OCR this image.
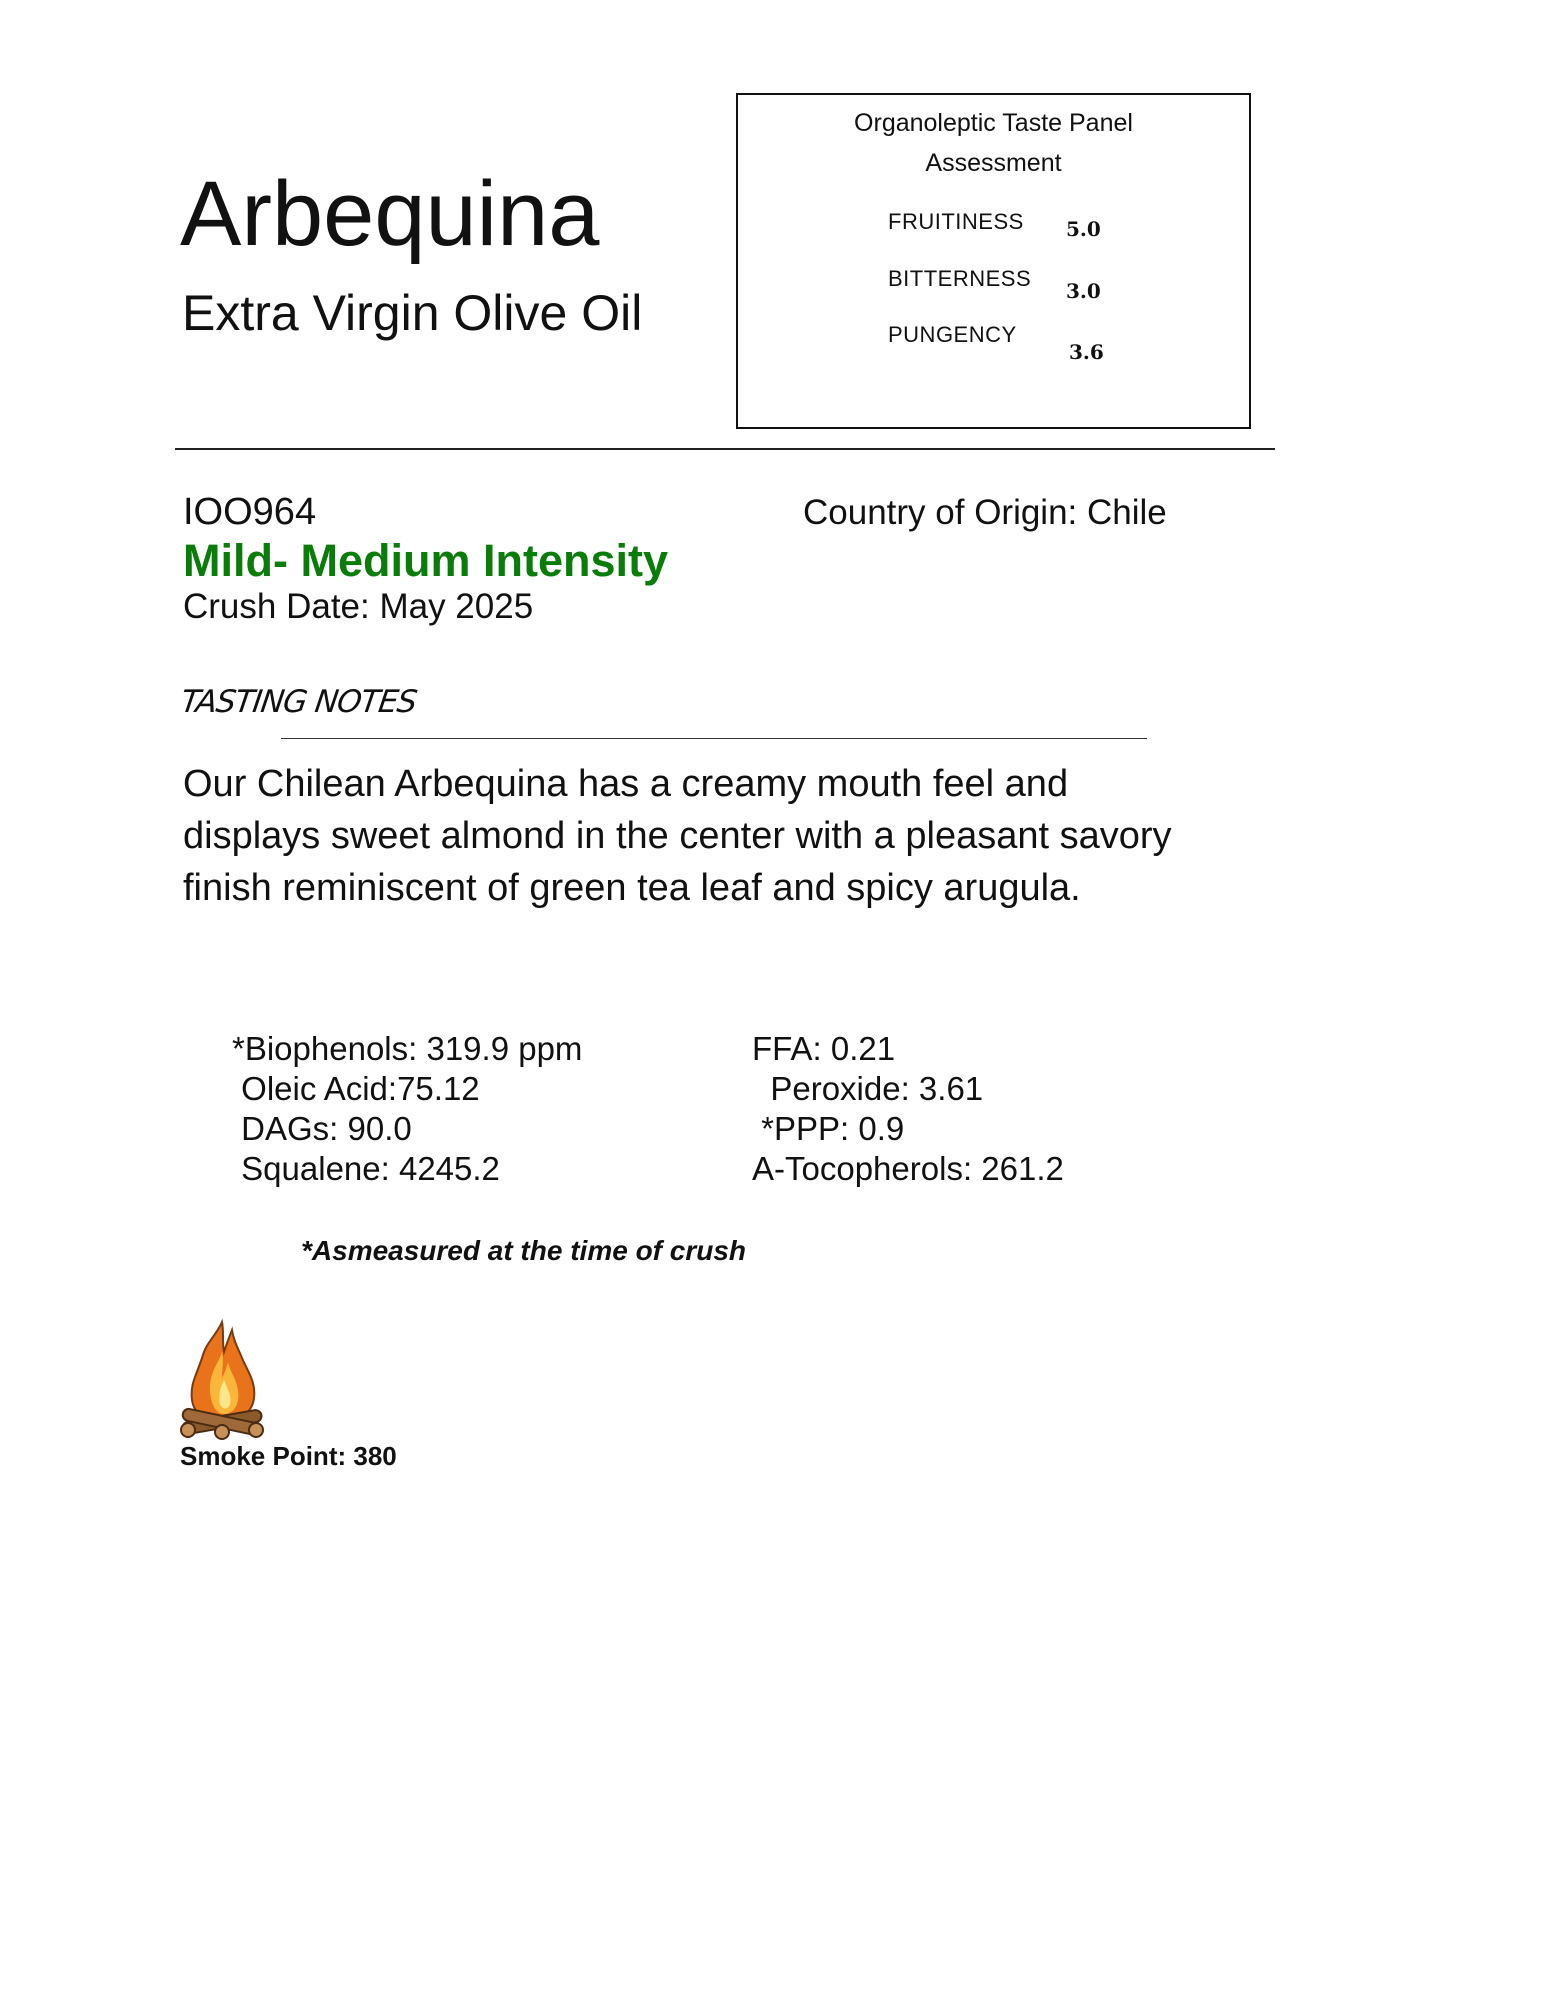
Arbequina
Extra Virgin Olive Oil
Organoleptic Taste Panel
Assessment
FRUITINESS 5.0
BITTERNESS 3.0
PUNGENCY
3.6
IOO964
Mild- Medium Intensity
Crush Date: May 2025
Country of Origin: Chile
TASTING NOTES
Our Chilean Arbequina has a creamy mouth feel and
displays sweet almond in the center with a pleasant savory
finish reminiscent of green tea leaf and spicy arugula.
*Biophenols: 319.9 ppm
Oleic Acid:75.12
DAGs: 90.0
Squalene: 4245.2
FFA: 0.21
Peroxide: 3.61
*PPP: 0.9
A-Tocopherols: 261.2
*Asmeasured at the time of crush
Smoke Point: 380
